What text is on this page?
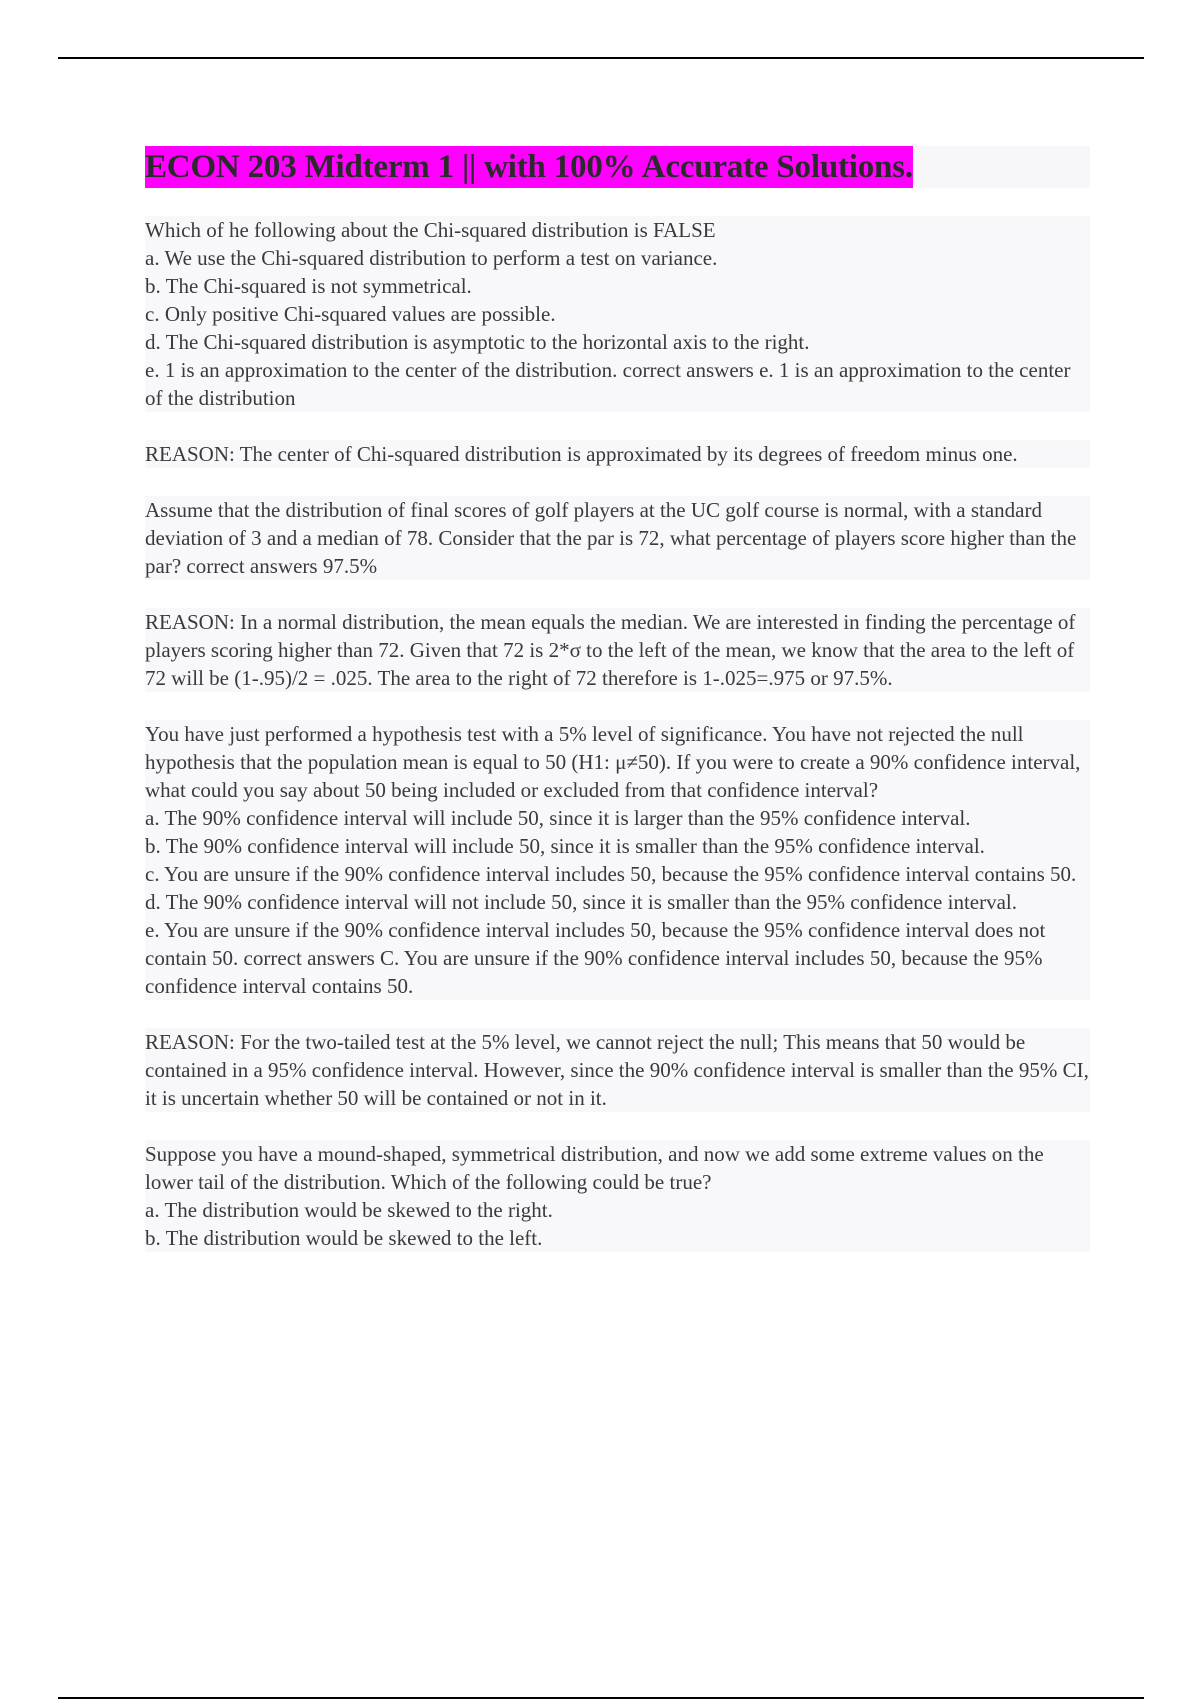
ECON 203 Midterm 1 || with 100% Accurate Solutions.

Which of he following about the Chi-squared distribution is FALSE

a. We use the Chi-squared distribution to perform a test on variance.

b. The Chi-squared is not symmetrical.

c. Only positive Chi-squared values are possible.

d. The Chi-squared distribution is asymptotic to the horizontal axis to the right.

e. 1 is an approximation to the center of the distribution. correct answers e. 1 is an approximation to the center of the distribution

REASON: The center of Chi-squared distribution is approximated by its degrees of freedom minus one.

Assume that the distribution of final scores of golf players at the UC golf course is normal, with a standard deviation of 3 and a median of 78. Consider that the par is 72, what percentage of players score higher than the par? correct answers 97.5%

REASON: In a normal distribution, the mean equals the median. We are interested in finding the percentage of players scoring higher than 72. Given that 72 is 2*σ to the left of the mean, we know that the area to the left of 72 will be (1-.95)/2 = .025. The area to the right of 72 therefore is 1-.025=.975 or 97.5%.

You have just performed a hypothesis test with a 5% level of significance. You have not rejected the null hypothesis that the population mean is equal to 50 (H1: μ≠50). If you were to create a 90% confidence interval, what could you say about 50 being included or excluded from that confidence interval?

a. The 90% confidence interval will include 50, since it is larger than the 95% confidence interval.

b. The 90% confidence interval will include 50, since it is smaller than the 95% confidence interval.

c. You are unsure if the 90% confidence interval includes 50, because the 95% confidence interval contains 50.

d. The 90% confidence interval will not include 50, since it is smaller than the 95% confidence interval.

e. You are unsure if the 90% confidence interval includes 50, because the 95% confidence interval does not contain 50. correct answers C. You are unsure if the 90% confidence interval includes 50, because the 95% confidence interval contains 50.

REASON: For the two-tailed test at the 5% level, we cannot reject the null; This means that 50 would be contained in a 95% confidence interval. However, since the 90% confidence interval is smaller than the 95% CI, it is uncertain whether 50 will be contained or not in it.

Suppose you have a mound-shaped, symmetrical distribution, and now we add some extreme values on the lower tail of the distribution. Which of the following could be true?

a. The distribution would be skewed to the right.

b. The distribution would be skewed to the left.
